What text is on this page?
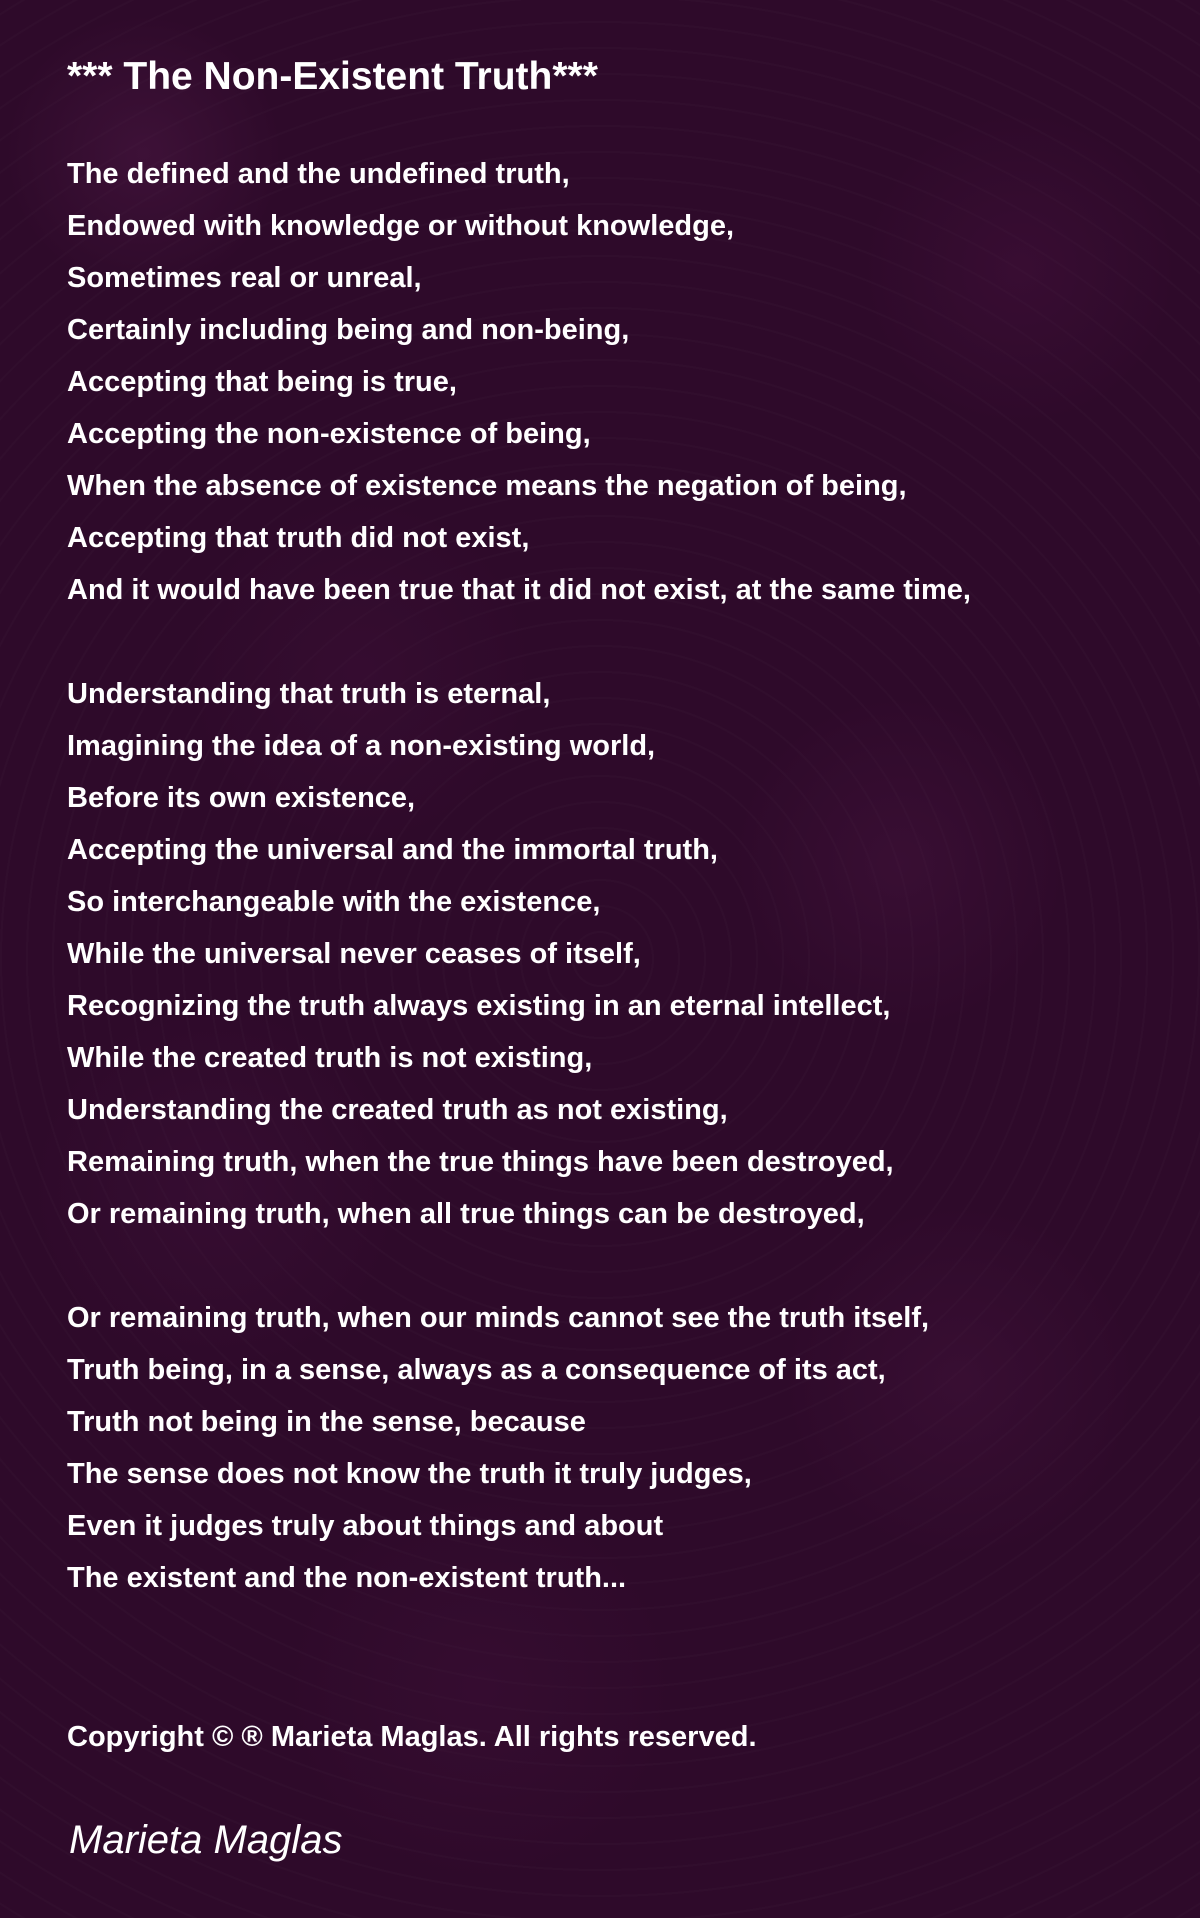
*** The Non-Existent Truth***
The defined and the undefined truth,
Endowed with knowledge or without knowledge,
Sometimes real or unreal,
Certainly including being and non-being,
Accepting that being is true,
Accepting the non-existence of being,
When the absence of existence means the negation of being,
Accepting that truth did not exist,
And it would have been true that it did not exist, at the same time,
Understanding that truth is eternal,
Imagining the idea of a non-existing world,
Before its own existence,
Accepting the universal and the immortal truth,
So interchangeable with the existence,
While the universal never ceases of itself,
Recognizing the truth always existing in an eternal intellect,
While the created truth is not existing,
Understanding the created truth as not existing,
Remaining truth, when the true things have been destroyed,
Or remaining truth, when all true things can be destroyed,
Or remaining truth, when our minds cannot see the truth itself,
Truth being, in a sense, always as a consequence of its act,
Truth not being in the sense, because
The sense does not know the truth it truly judges,
Even it judges truly about things and about
The existent and the non-existent truth...

Copyright © ® Marieta Maglas. All rights reserved.

Marieta Maglas
